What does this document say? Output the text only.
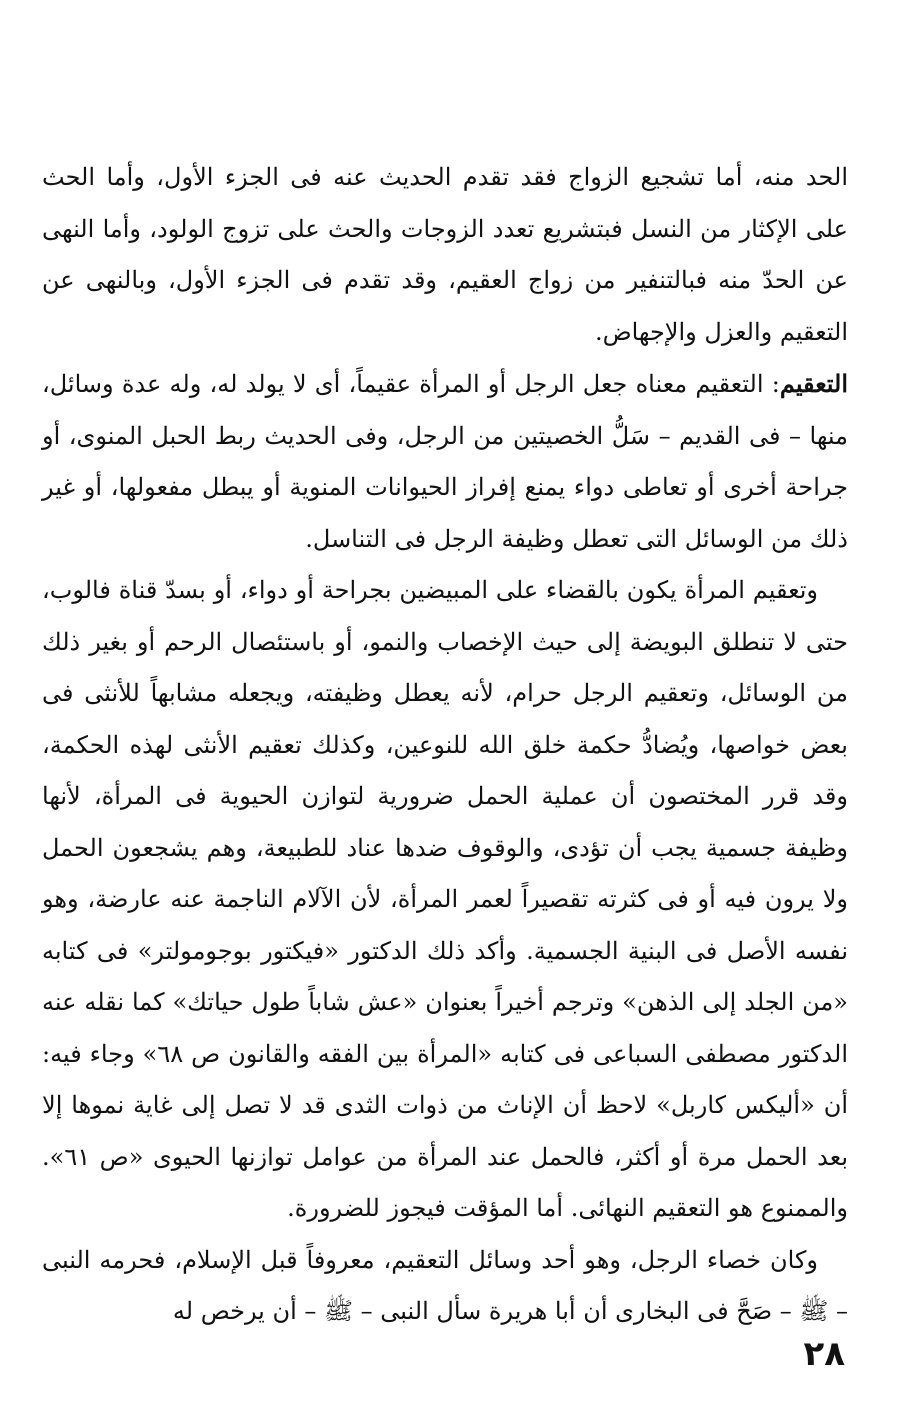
الحد منه، أما تشجيع الزواج فقد تقدم الحديث عنه فى الجزء الأول، وأما الحث على الإكثار من النسل فبتشريع تعدد الزوجات والحث على تزوج الولود، وأما النهى عن الحدّ منه فبالتنفير من زواج العقيم، وقد تقدم فى الجزء الأول، وبالنهى عن التعقيم والعزل والإجهاض.

التعقيم: التعقيم معناه جعل الرجل أو المرأة عقيماً، أى لا يولد له، وله عدة وسائل، منها – فى القديم – سَلُّ الخصيتين من الرجل، وفى الحديث ربط الحبل المنوى، أو جراحة أخرى أو تعاطى دواء يمنع إفراز الحيوانات المنوية أو يبطل مفعولها، أو غير ذلك من الوسائل التى تعطل وظيفة الرجل فى التناسل.

وتعقيم المرأة يكون بالقضاء على المبيضين بجراحة أو دواء، أو بسدّ قناة فالوب، حتى لا تنطلق البويضة إلى حيث الإخصاب والنمو، أو باستئصال الرحم أو بغير ذلك من الوسائل، وتعقيم الرجل حرام، لأنه يعطل وظيفته، ويجعله مشابهاً للأنثى فى بعض خواصها، ويُضادُّ حكمة خلق الله للنوعين، وكذلك تعقيم الأنثى لهذه الحكمة، وقد قرر المختصون أن عملية الحمل ضرورية لتوازن الحيوية فى المرأة، لأنها وظيفة جسمية يجب أن تؤدى، والوقوف ضدها عناد للطبيعة، وهم يشجعون الحمل ولا يرون فيه أو فى كثرته تقصيراً لعمر المرأة، لأن الآلام الناجمة عنه عارضة، وهو نفسه الأصل فى البنية الجسمية. وأكد ذلك الدكتور «فيكتور بوجومولتر» فى كتابه «من الجلد إلى الذهن» وترجم أخيراً بعنوان «عش شاباً طول حياتك» كما نقله عنه الدكتور مصطفى السباعى فى كتابه «المرأة بين الفقه والقانون ص ٦٨» وجاء فيه: أن «أليكس كاربل» لاحظ أن الإناث من ذوات الثدى قد لا تصل إلى غاية نموها إلا بعد الحمل مرة أو أكثر، فالحمل عند المرأة من عوامل توازنها الحيوى «ص ٦١». والممنوع هو التعقيم النهائى. أما المؤقت فيجوز للضرورة.

وكان خصاء الرجل، وهو أحد وسائل التعقيم، معروفاً قبل الإسلام، فحرمه النبى – ﷺ – صَحَّ فى البخارى أن أبا هريرة سأل النبى – ﷺ – أن يرخص له

٢٨
